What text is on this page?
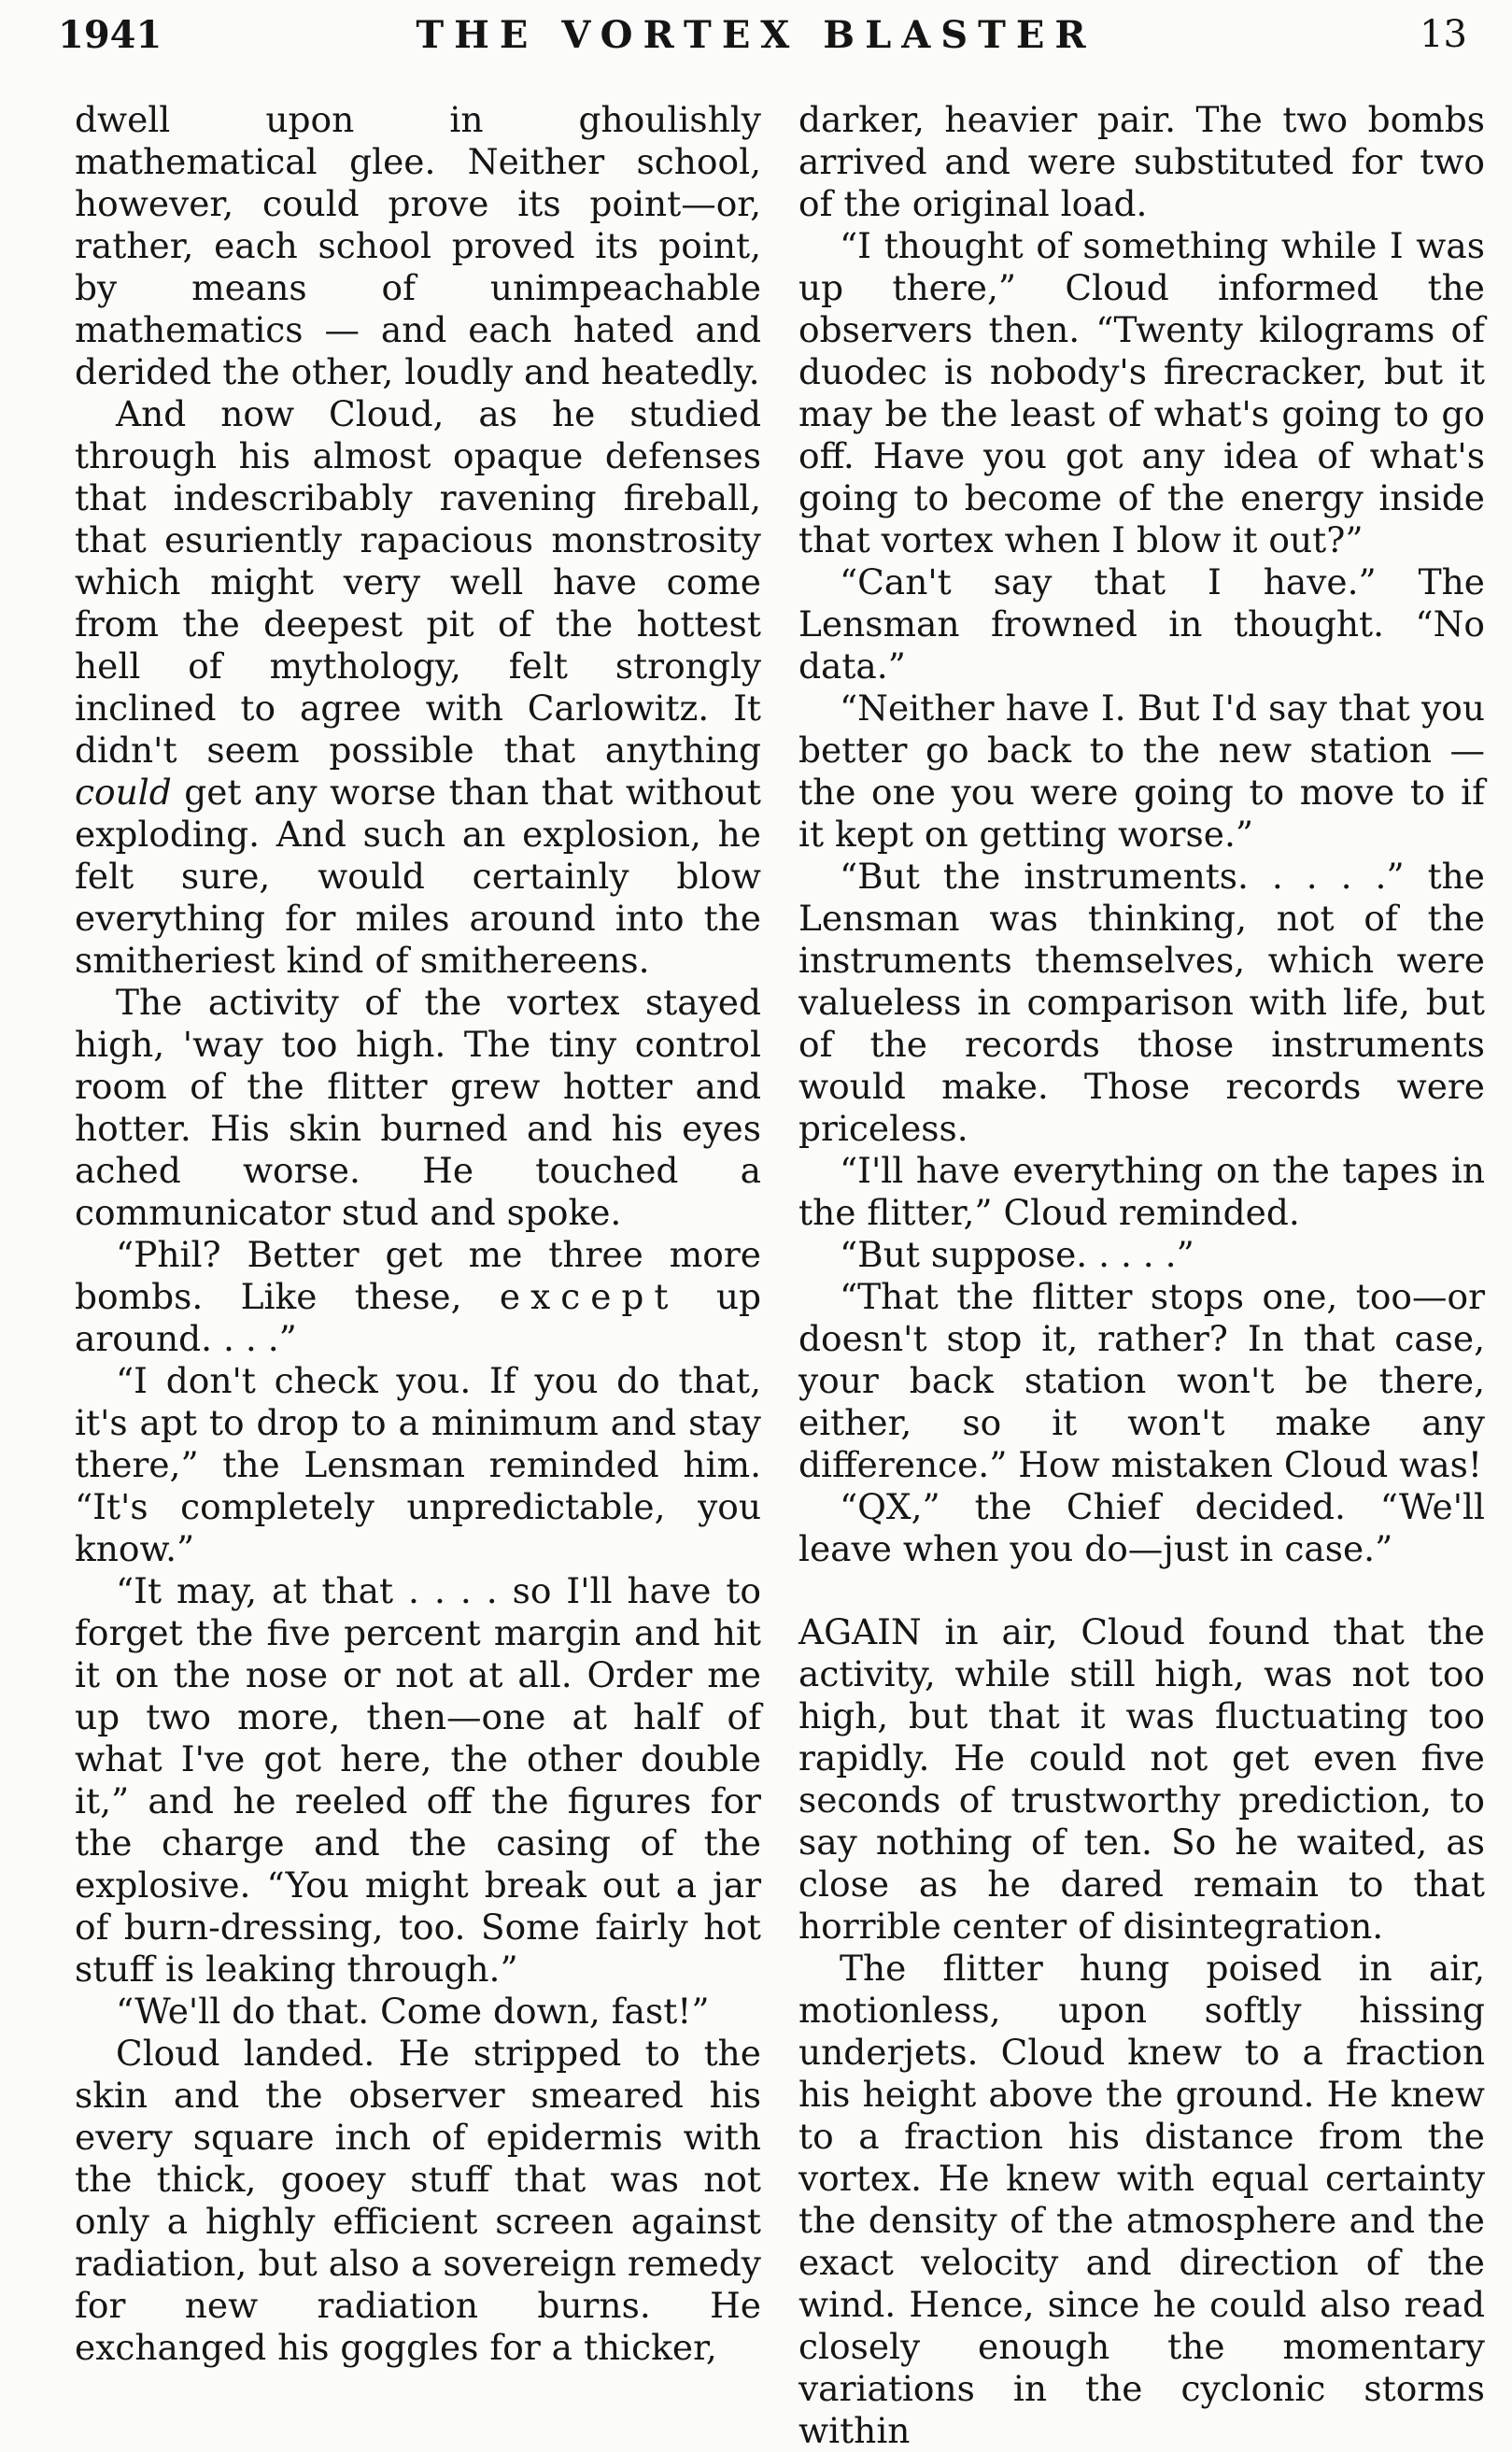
1941	THE VORTEX BLASTER	13

dwell upon in ghoulishly mathematical glee. Neither school, however, could prove its point—or, rather, each school proved its point, by means of unimpeachable mathematics — and each hated and derided the other, loudly and heatedly.

And now Cloud, as he studied through his almost opaque defenses that indescribably ravening fireball, that esuriently rapacious monstrosity which might very well have come from the deepest pit of the hottest hell of mythology, felt strongly inclined to agree with Carlowitz. It didn't seem possible that anything could get any worse than that without exploding. And such an explosion, he felt sure, would certainly blow everything for miles around into the smitheriest kind of smithereens.

The activity of the vortex stayed high, 'way too high. The tiny control room of the flitter grew hotter and hotter. His skin burned and his eyes ached worse. He touched a communicator stud and spoke.

“Phil? Better get me three more bombs. Like these, except up around. . . .”

“I don't check you. If you do that, it's apt to drop to a minimum and stay there,” the Lensman reminded him. “It's completely unpredictable, you know.”

“It may, at that . . . . so I'll have to forget the five percent margin and hit it on the nose or not at all. Order me up two more, then—one at half of what I've got here, the other double it,” and he reeled off the figures for the charge and the casing of the explosive. “You might break out a jar of burn-dressing, too. Some fairly hot stuff is leaking through.”

“We'll do that. Come down, fast!”

Cloud landed. He stripped to the skin and the observer smeared his every square inch of epidermis with the thick, gooey stuff that was not only a highly efficient screen against radiation, but also a sovereign remedy for new radiation burns. He exchanged his goggles for a thicker,

darker, heavier pair. The two bombs arrived and were substituted for two of the original load.

“I thought of something while I was up there,” Cloud informed the observers then. “Twenty kilograms of duodec is nobody's firecracker, but it may be the least of what's going to go off. Have you got any idea of what's going to become of the energy inside that vortex when I blow it out?”

“Can't say that I have.” The Lensman frowned in thought. “No data.”

“Neither have I. But I'd say that you better go back to the new station —the one you were going to move to if it kept on getting worse.”

“But the instruments. . . . .” the Lensman was thinking, not of the instruments themselves, which were valueless in comparison with life, but of the records those instruments would make. Those records were priceless.

“I'll have everything on the tapes in the flitter,” Cloud reminded.

“But suppose. . . . .”

“That the flitter stops one, too—or doesn't stop it, rather? In that case, your back station won't be there, either, so it won't make any difference.” How mistaken Cloud was!

“QX,” the Chief decided. “We'll leave when you do—just in case.”

AGAIN in air, Cloud found that the activity, while still high, was not too high, but that it was fluctuating too rapidly. He could not get even five seconds of trustworthy prediction, to say nothing of ten. So he waited, as close as he dared remain to that horrible center of disintegration.

The flitter hung poised in air, motionless, upon softly hissing underjets. Cloud knew to a fraction his height above the ground. He knew to a fraction his distance from the vortex. He knew with equal certainty the density of the atmosphere and the exact velocity and direction of the wind. Hence, since he could also read closely enough the momentary variations in the cyclonic storms within
